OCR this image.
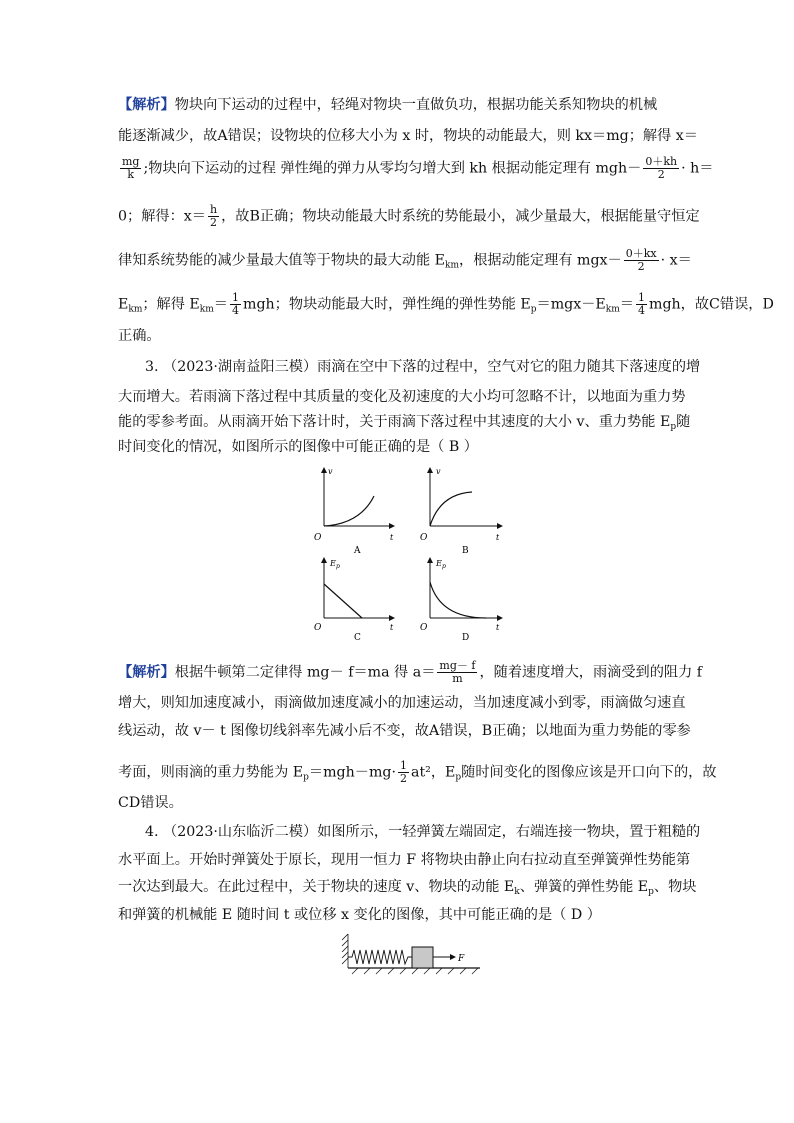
【解析】物块向下运动的过程中，轻绳对物块一直做负功，根据功能关系知物块的机械
能逐渐减少，故A错误；设物块的位移大小为 x 时，物块的动能最大，则 kx＝mg；解得 x＝
$\frac{mg}{k}$ ;物块向下运动的过程 弹性绳的弹力从零均匀增大到 kh 根据动能定理有 $mgh- \frac{0+kh}{2} \cdot h=$
0；解得：$x= \frac{h}{2}$ ，故B正确；物块动能最大时系统的势能最小，减少量最大，根据能量守恒定
律知系统势能的减少量最大值等于物块的最大动能 $E_{km}$，根据动能定理有 $mgx- \frac{0+kx}{2} \cdot x=$
$E_{km}$；解得 $E_{km}= \frac{1}{4}$ mgh；物块动能最大时，弹性绳的弹性势能 $E_p=mgx-E_{km}= \frac{1}{4}$ mgh，故C错误，D
正确。
3. （2023·湖南益阳三模）雨滴在空中下落的过程中，空气对它的阻力随其下落速度的增
大而增大。若雨滴下落过程中其质量的变化及初速度的大小均可忽略不计，以地面为重力势
能的零参考面。从雨滴开始下落计时，关于雨滴下落过程中其速度的大小 v、重力势能 $E_p$随
时间变化的情况，如图所示的图像中可能正确的是（ B ）
v
O	t
A
v
O	t
B
E p
O	t
C
E p
O	t
D
【解析】根据牛顿第二定律得 mg－ f＝ma 得 $a= \frac{mg- f}{m}$ ，随着速度增大，雨滴受到的阻力 f
增大，则知加速度减小，雨滴做加速度减小的加速运动，当加速度减小到零，雨滴做匀速直
线运动，故 v－ t 图像切线斜率先减小后不变，故A错误，B正确；以地面为重力势能的零参
考面，则雨滴的重力势能为 $E_p=mgh-mg\cdot \frac{1}{2} at^2$，$E_p$随时间变化的图像应该是开口向下的，故
CD错误。
4. （2023·山东临沂二模）如图所示，一轻弹簧左端固定，右端连接一物块，置于粗糙的
水平面上。开始时弹簧处于原长，现用一恒力 F 将物块由静止向右拉动直至弹簧弹性势能第
一次达到最大。在此过程中，关于物块的速度 v、物块的动能 $E_k$、弹簧的弹性势能 $E_p$、物块
和弹簧的机械能 E 随时间 t 或位移 x 变化的图像，其中可能正确的是（ D ）
F
